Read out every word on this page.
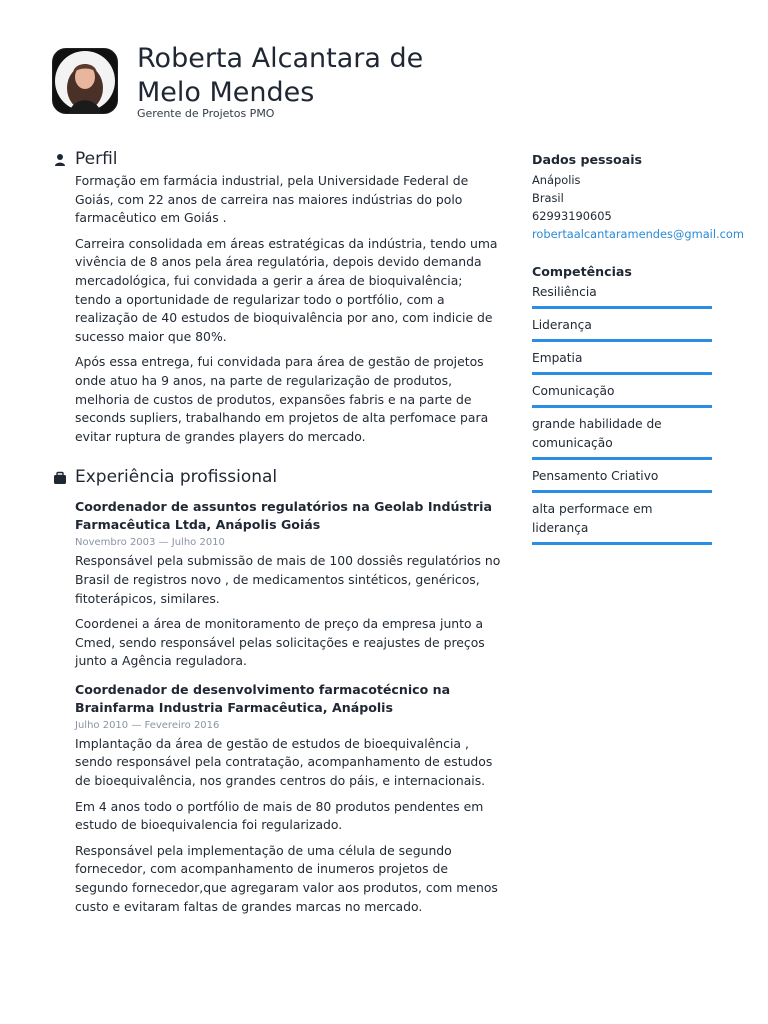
Roberta Alcantara de Melo Mendes
Gerente de Projetos PMO
Perfil

Formação em farmácia industrial, pela Universidade Federal de Goiás, com 22 anos de carreira nas maiores indústrias do polo farmacêutico em Goiás .

Carreira consolidada em áreas estratégicas da indústria, tendo uma vivência de 8 anos pela área regulatória, depois devido demanda mercadológica, fui convidada a gerir a área de bioquivalência; tendo a oportunidade de regularizar todo o portfólio, com a realização de 40 estudos de bioquivalência por ano, com indicie de sucesso maior que 80%.

Após essa entrega, fui convidada para área de gestão de projetos onde atuo ha 9 anos, na parte de regularização de produtos, melhoria de custos de produtos, expansões fabris e na parte de seconds supliers, trabalhando em projetos de alta perfomace para evitar ruptura de grandes players do mercado.

Experiência profissional
Coordenador de assuntos regulatórios na Geolab Indústria Farmacêutica Ltda, Anápolis Goiás
Novembro 2003 — Julho 2010

Responsável pela submissão de mais de 100 dossiês regulatórios no Brasil de registros novo , de medicamentos sintéticos, genéricos, fitoterápicos, similares.

Coordenei a área de monitoramento de preço da empresa junto a Cmed, sendo responsável pelas solicitações e reajustes de preços junto a Agência reguladora.

Coordenador de desenvolvimento farmacotécnico na Brainfarma Industria Farmacêutica, Anápolis
Julho 2010 — Fevereiro 2016

Implantação da área de gestão de estudos de bioequivalência , sendo responsável pela contratação, acompanhamento de estudos de bioequivalência, nos grandes centros do páis, e internacionais.

Em 4 anos todo o portfólio de mais de 80 produtos pendentes em estudo de bioequivalencia foi regularizado.

Responsável pela implementação de uma célula de segundo fornecedor, com acompanhamento de inumeros projetos de segundo fornecedor,que agregaram valor aos produtos, com menos custo e evitaram faltas de grandes marcas no mercado.

Dados pessoais
Anápolis
Brasil
62993190605
robertaalcantaramendes@gmail.com
Competências
Resiliência
Liderança
Empatia
Comunicação
grande habilidade de comunicação
Pensamento Criativo
alta performace em liderança
